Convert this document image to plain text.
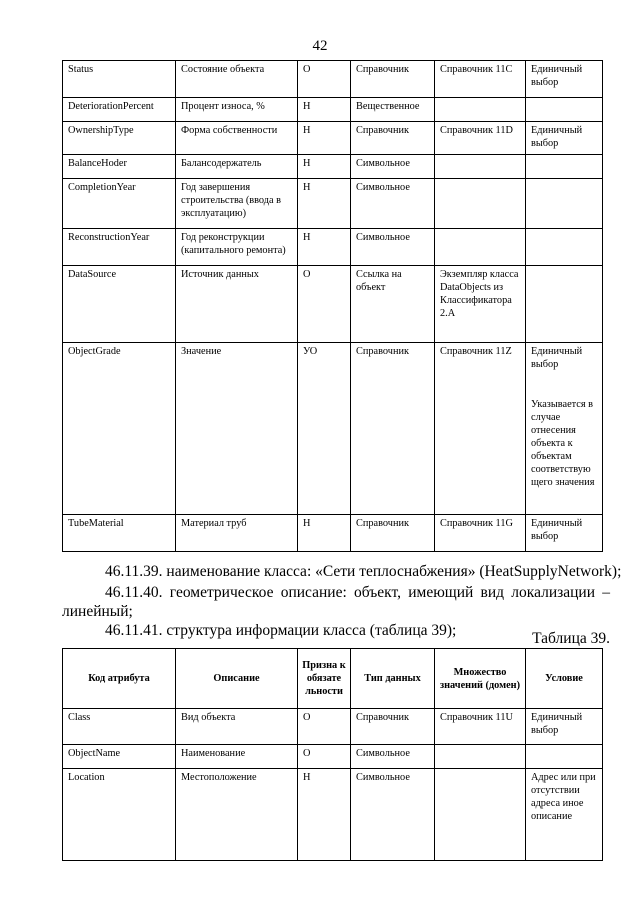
42
Status	Состояние объекта	О	Справочник	Справочник 11С	Единичный выбор
DeteriorationPercent	Процент износа, %	Н	Вещественное		
OwnershipType	Форма собственности	Н	Справочник	Справочник 11D	Единичный выбор
BalanceHoder	Балансодержатель	Н	Символьное		
CompletionYear	Год завершения строительства (ввода в эксплуатацию)	Н	Символьное		
ReconstructionYear	Год реконструкции (капитального ремонта)	Н	Символьное		
DataSource	Источник данных	О	Ссылка на объект	Экземпляр класса DataObjects из Классификатора 2.А	
ObjectGrade	Значение	УО	Справочник	Справочник 11Z	Единичный выбор
Указывается в случае отнесения объекта к объектам соответствую щего значения

TubeMaterial	Материал труб	Н	Справочник	Справочник 11G	Единичный выбор
46.11.39. наименование класса: «Сети теплоснабжения» (HeatSupplyNetwork);
46.11.40. геометрическое описание: объект, имеющий вид локализации –
линейный;
46.11.41. структура информации класса (таблица 39);	Таблица 39.
Код атрибута	Описание	Призна к обязате льности	Тип данных	Множество значений (домен)	Условие
Class	Вид объекта	О	Справочник	Справочник 11U	Единичный выбор
ObjectName	Наименование	О	Символьное		
Location	Местоположение	Н	Символьное		Адрес или при отсутствии адреса иное описание
